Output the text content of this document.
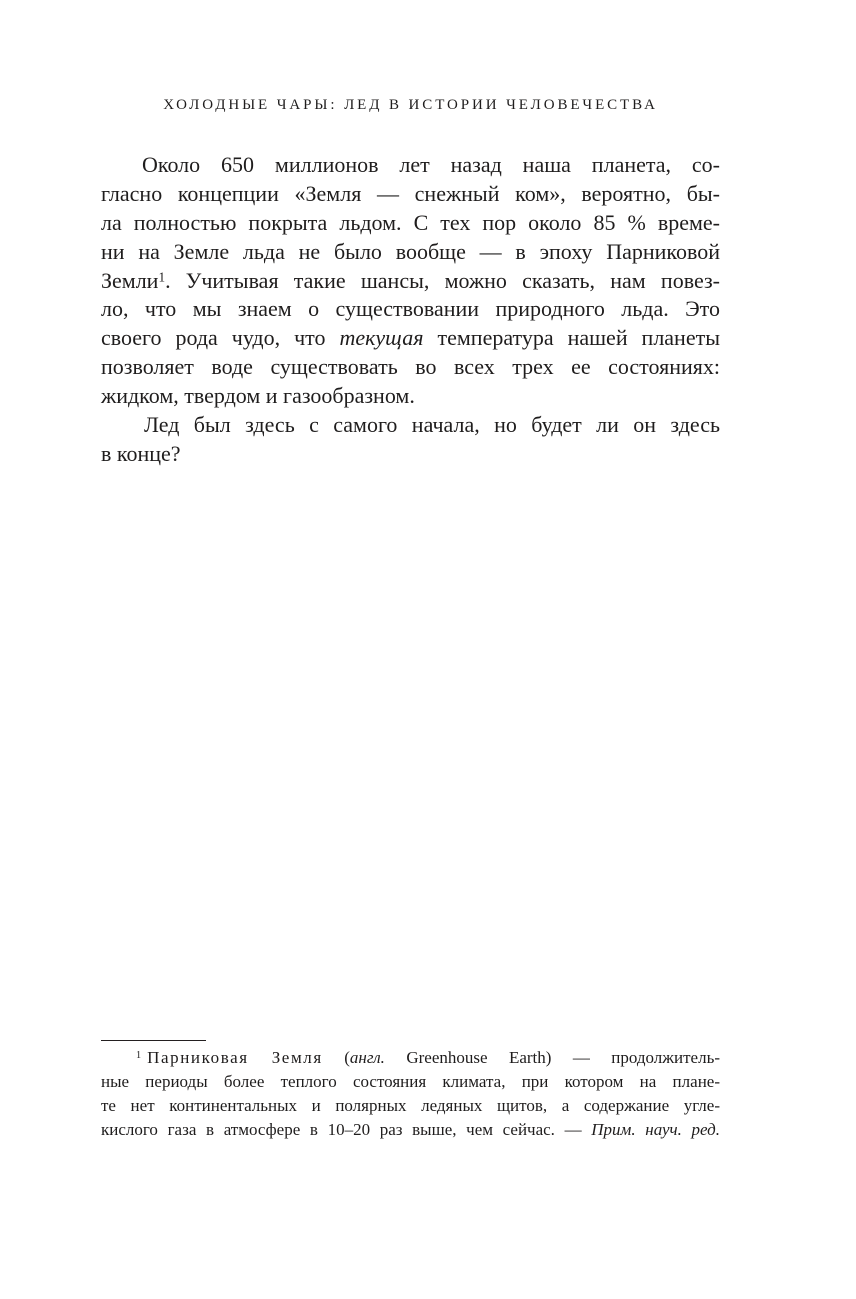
ХОЛОДНЫЕ ЧАРЫ: ЛЕД В ИСТОРИИ ЧЕЛОВЕЧЕСТВА
Около 650 миллионов лет назад наша планета, со-
гласно концепции «Земля — снежный ком», вероятно, бы-
ла полностью покрыта льдом. С тех пор около 85 % време-
ни на Земле льда не было вообще — в эпоху Парниковой
Земли$^1$. Учитывая такие шансы, можно сказать, нам повез-
ло, что мы знаем о существовании природного льда. Это
своего рода чудо, что текущая температура нашей планеты
позволяет воде существовать во всех трех ее состояниях:
жидком, твердом и газообразном.
Лед был здесь с самого начала, но будет ли он здесь
в конце?
$^1$ Парниковая Земля (англ. Greenhouse Earth) — продолжитель-
ные периоды более теплого состояния климата, при котором на плане-
те нет континентальных и полярных ледяных щитов, а содержание угле-
кислого газа в атмосфере в 10–20 раз выше, чем сейчас. — Прим. науч. ред.
